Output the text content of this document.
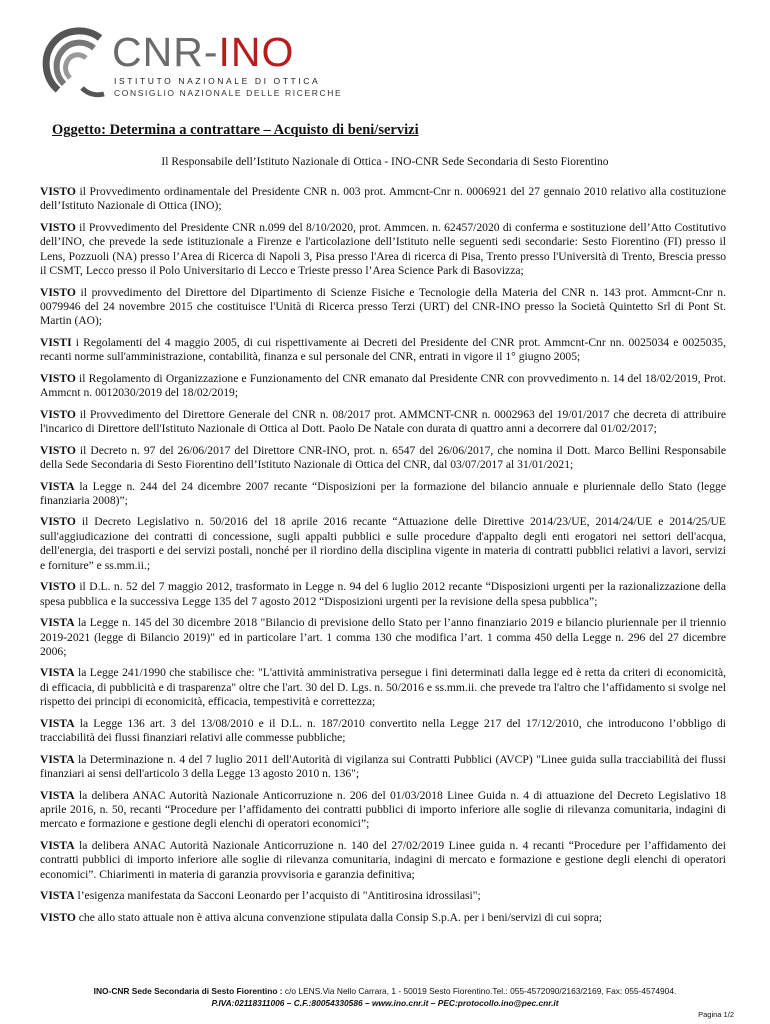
CNR-INO
ISTITUTO NAZIONALE DI OTTICA
CONSIGLIO NAZIONALE DELLE RICERCHE
Oggetto: Determina a contrattare – Acquisto di beni/servizi
Il Responsabile dell’Istituto Nazionale di Ottica - INO-CNR Sede Secondaria di Sesto Fiorentino

VISTO il Provvedimento ordinamentale del Presidente CNR n. 003 prot. Ammcnt-Cnr n. 0006921 del 27 gennaio 2010 relativo alla costituzione dell’Istituto Nazionale di Ottica (INO);

VISTO il Provvedimento del Presidente CNR n.099 del 8/10/2020, prot. Ammcen. n. 62457/2020 di conferma e sostituzione dell’Atto Costitutivo dell’INO, che prevede la sede istituzionale a Firenze e l'articolazione dell’Istituto nelle seguenti sedi secondarie: Sesto Fiorentino (FI) presso il Lens, Pozzuoli (NA) presso l’Area di Ricerca di Napoli 3, Pisa presso l'Area di ricerca di Pisa, Trento presso l'Università di Trento, Brescia presso il CSMT, Lecco presso il Polo Universitario di Lecco e Trieste presso l’Area Science Park di Basovizza;

VISTO il provvedimento del Direttore del Dipartimento di Scienze Fisiche e Tecnologie della Materia del CNR n. 143 prot. Ammcnt-Cnr n. 0079946 del 24 novembre 2015 che costituisce l'Unità di Ricerca presso Terzi (URT) del CNR-INO presso la Società Quintetto Srl di Pont St. Martin (AO);

VISTI i Regolamenti del 4 maggio 2005, di cui rispettivamente ai Decreti del Presidente del CNR prot. Ammcnt-Cnr nn. 0025034 e 0025035, recanti norme sull'amministrazione, contabilità, finanza e sul personale del CNR, entrati in vigore il 1° giugno 2005;

VISTO il Regolamento di Organizzazione e Funzionamento del CNR emanato dal Presidente CNR con provvedimento n. 14 del 18/02/2019, Prot. Ammcnt n. 0012030/2019 del 18/02/2019;

VISTO il Provvedimento del Direttore Generale del CNR n. 08/2017 prot. AMMCNT-CNR n. 0002963 del 19/01/2017 che decreta di attribuire l'incarico di Direttore dell'Istituto Nazionale di Ottica al Dott. Paolo De Natale con durata di quattro anni a decorrere dal 01/02/2017;

VISTO il Decreto n. 97 del 26/06/2017 del Direttore CNR-INO, prot. n. 6547 del 26/06/2017, che nomina il Dott. Marco Bellini Responsabile della Sede Secondaria di Sesto Fiorentino dell’Istituto Nazionale di Ottica del CNR, dal 03/07/2017 al 31/01/2021;

VISTA la Legge n. 244 del 24 dicembre 2007 recante “Disposizioni per la formazione del bilancio annuale e pluriennale dello Stato (legge finanziaria 2008)”;

VISTO il Decreto Legislativo n. 50/2016 del 18 aprile 2016 recante “Attuazione delle Direttive 2014/23/UE, 2014/24/UE e 2014/25/UE sull'aggiudicazione dei contratti di concessione, sugli appalti pubblici e sulle procedure d'appalto degli enti erogatori nei settori dell'acqua, dell'energia, dei trasporti e dei servizi postali, nonché per il riordino della disciplina vigente in materia di contratti pubblici relativi a lavori, servizi e forniture” e ss.mm.ii.;

VISTO il D.L. n. 52 del 7 maggio 2012, trasformato in Legge n. 94 del 6 luglio 2012 recante “Disposizioni urgenti per la razionalizzazione della spesa pubblica e la successiva Legge 135 del 7 agosto 2012 “Disposizioni urgenti per la revisione della spesa pubblica”;

VISTA la Legge n. 145 del 30 dicembre 2018 "Bilancio di previsione dello Stato per l’anno finanziario 2019 e bilancio pluriennale per il triennio 2019-2021 (legge di Bilancio 2019)" ed in particolare l’art. 1 comma 130 che modifica l’art. 1 comma 450 della Legge n. 296 del 27 dicembre 2006;

VISTA la Legge 241/1990 che stabilisce che: "L'attività amministrativa persegue i fini determinati dalla legge ed è retta da criteri di economicità, di efficacia, di pubblicità e di trasparenza" oltre che l'art. 30 del D. Lgs. n. 50/2016 e ss.mm.ii. che prevede tra l'altro che l’affidamento si svolge nel rispetto dei principi di economicità, efficacia, tempestività e correttezza;

VISTA la Legge 136 art. 3 del 13/08/2010 e il D.L. n. 187/2010 convertito nella Legge 217 del 17/12/2010, che introducono l’obbligo di tracciabilità dei flussi finanziari relativi alle commesse pubbliche;

VISTA la Determinazione n. 4 del 7 luglio 2011 dell'Autorità di vigilanza sui Contratti Pubblici (AVCP) "Linee guida sulla tracciabilità dei flussi finanziari ai sensi dell'articolo 3 della Legge 13 agosto 2010 n. 136";

VISTA la delibera ANAC Autorità Nazionale Anticorruzione n. 206 del 01/03/2018 Linee Guida n. 4 di attuazione del Decreto Legislativo 18 aprile 2016, n. 50, recanti “Procedure per l’affidamento dei contratti pubblici di importo inferiore alle soglie di rilevanza comunitaria, indagini di mercato e formazione e gestione degli elenchi di operatori economici”;

VISTA la delibera ANAC Autorità Nazionale Anticorruzione n. 140 del 27/02/2019 Linee guida n. 4 recanti “Procedure per l’affidamento dei contratti pubblici di importo inferiore alle soglie di rilevanza comunitaria, indagini di mercato e formazione e gestione degli elenchi di operatori economici”. Chiarimenti in materia di garanzia provvisoria e garanzia definitiva;

VISTA l’esigenza manifestata da Sacconi Leonardo per l’acquisto di "Antitirosina idrossilasi";

VISTO che allo stato attuale non è attiva alcuna convenzione stipulata dalla Consip S.p.A. per i beni/servizi di cui sopra;

INO-CNR Sede Secondaria di Sesto Fiorentino : c/o LENS.Via Nello Carrara, 1 - 50019 Sesto Fiorentino.Tel.: 055-4572090/2163/2169, Fax: 055-4574904.
P.IVA:02118311006 – C.F.:80054330586 – www.ino.cnr.it – PEC:protocollo.ino@pec.cnr.it
Pagina 1/2
